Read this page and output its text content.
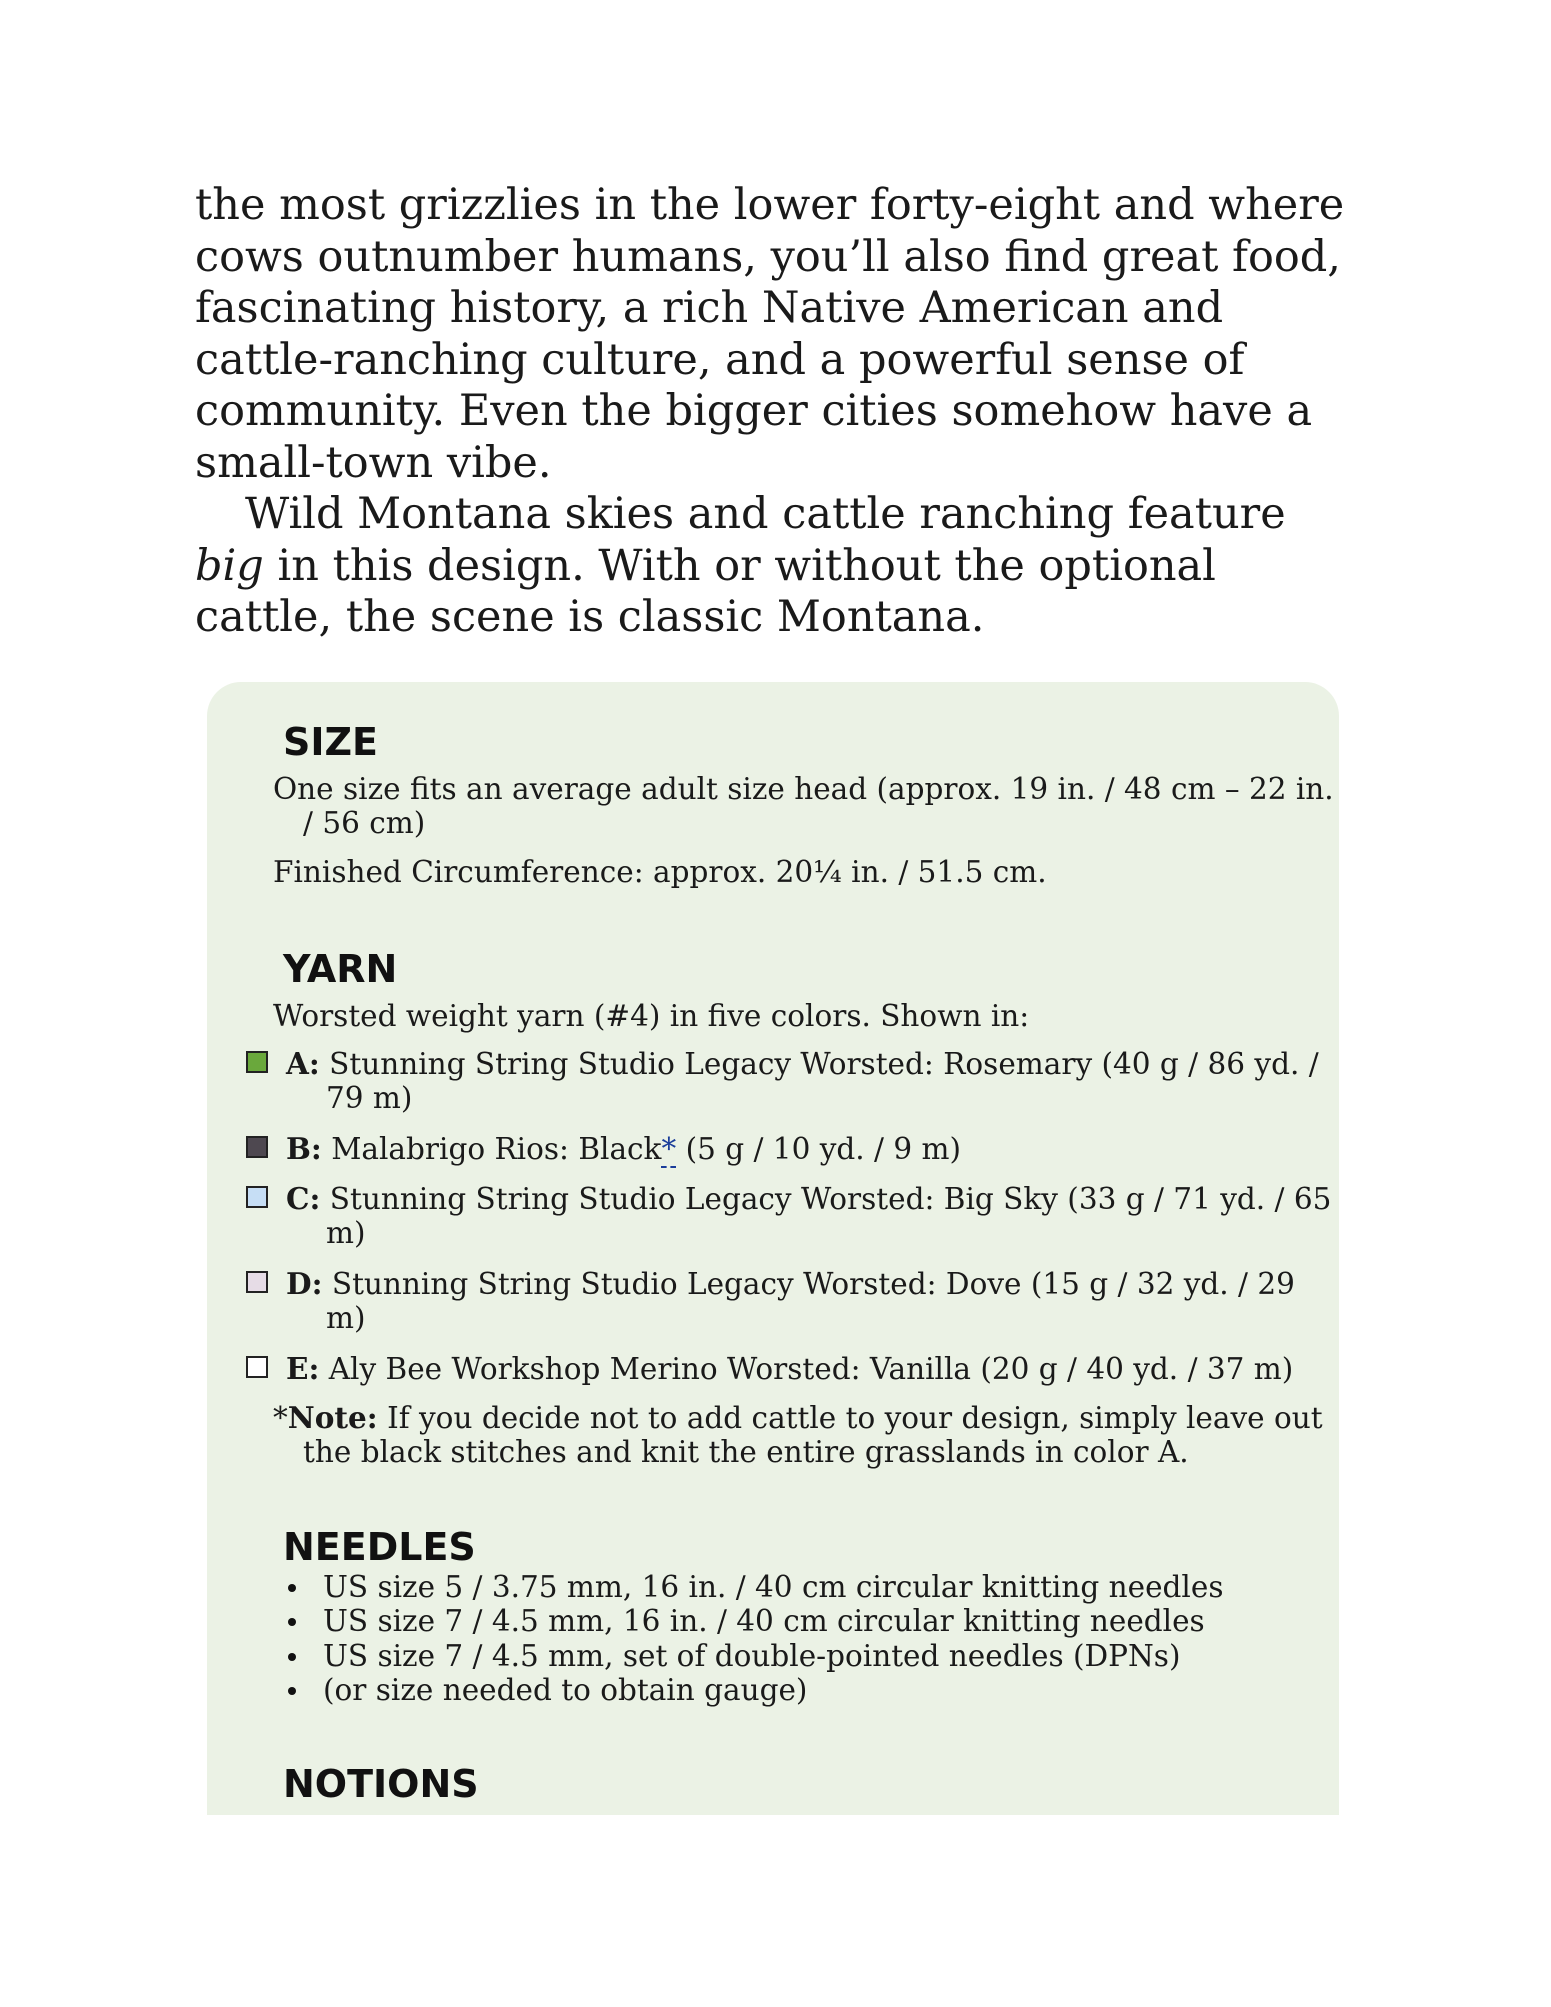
the most grizzlies in the lower forty-eight and where cows outnumber humans, you’ll also find great food, fascinating history, a rich Native American and cattle-ranching culture, and a powerful sense of community. Even the bigger cities somehow have a small-town vibe.

Wild Montana skies and cattle ranching feature big in this design. With or without the optional cattle, the scene is classic Montana.

SIZE

One size fits an average adult size head (approx. 19 in. / 48 cm – 22 in. / 56 cm)

Finished Circumference: approx. 20¼ in. / 51.5 cm.

YARN

Worsted weight yarn (#4) in five colors. Shown in:

A: Stunning String Studio Legacy Worsted: Rosemary (40 g / 86 yd. / 79 m)
B: Malabrigo Rios: Black* (5 g / 10 yd. / 9 m)
C: Stunning String Studio Legacy Worsted: Big Sky (33 g / 71 yd. / 65 m)
D: Stunning String Studio Legacy Worsted: Dove (15 g / 32 yd. / 29 m)
E: Aly Bee Workshop Merino Worsted: Vanilla (20 g / 40 yd. / 37 m)

*Note: If you decide not to add cattle to your design, simply leave out the black stitches and knit the entire grasslands in color A.

NEEDLES
US size 5 / 3.75 mm, 16 in. / 40 cm circular knitting needles
US size 7 / 4.5 mm, 16 in. / 40 cm circular knitting needles
US size 7 / 4.5 mm, set of double-pointed needles (DPNs)
(or size needed to obtain gauge)
NOTIONS
